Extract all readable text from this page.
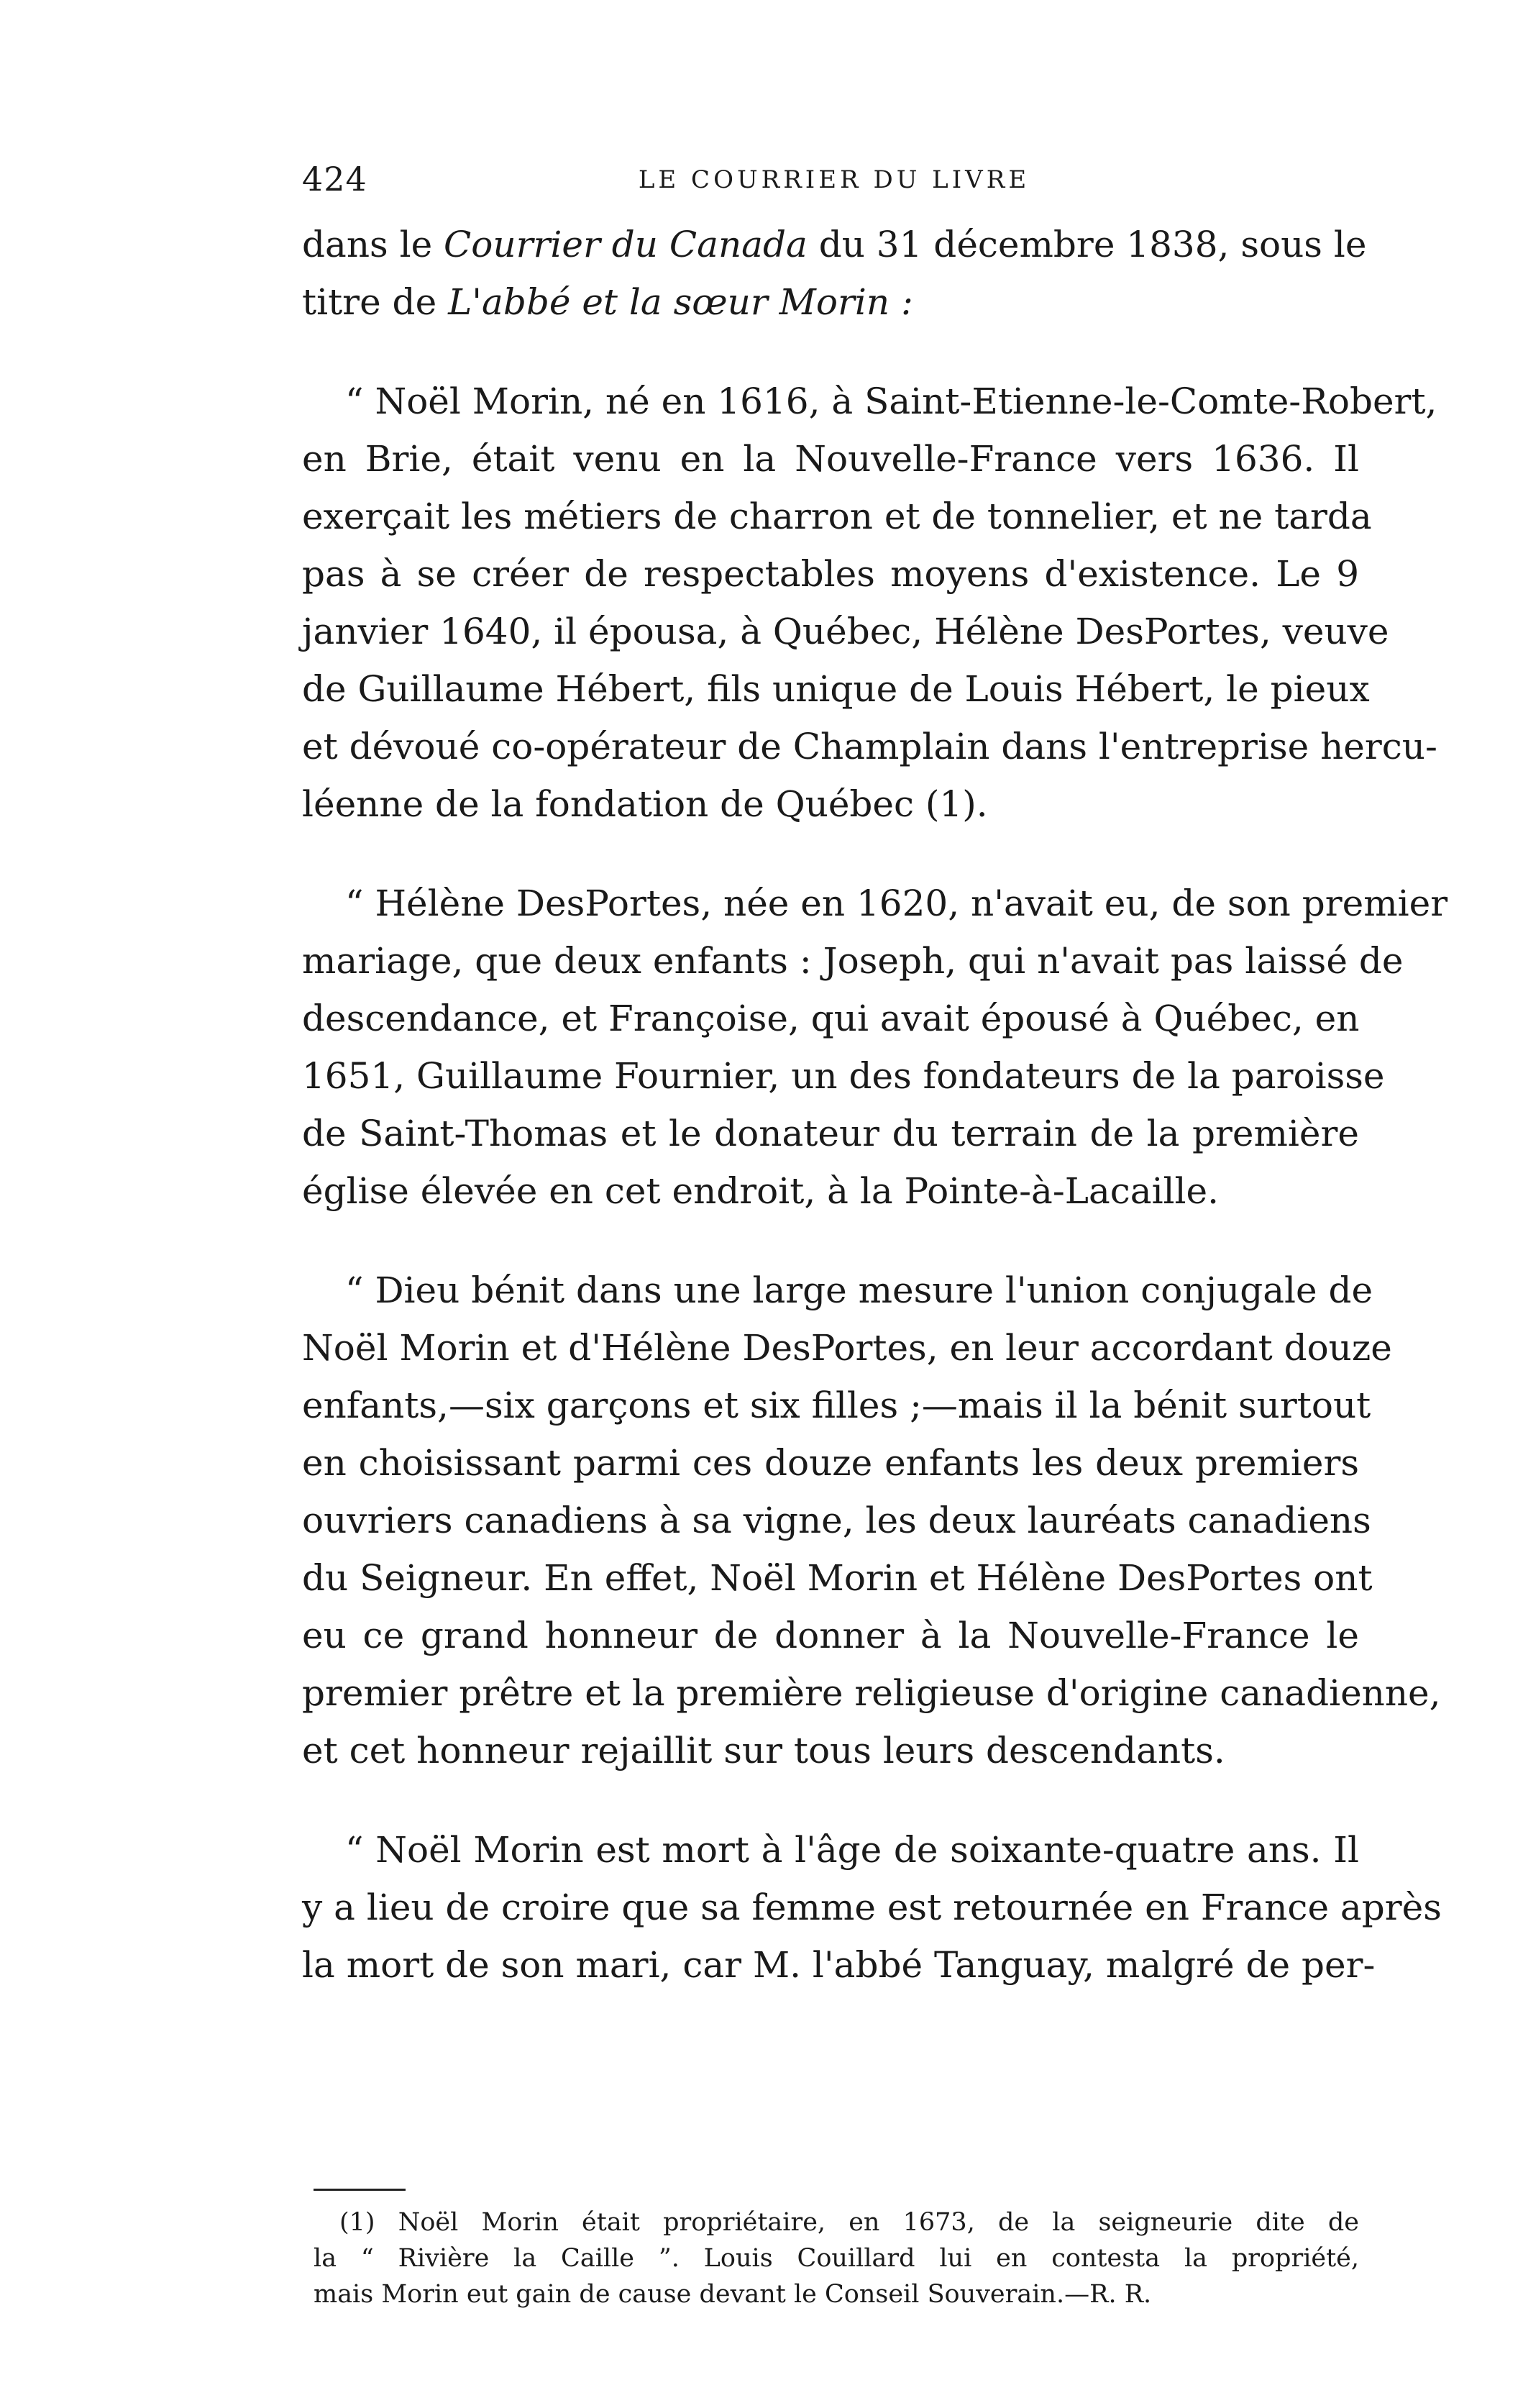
424	LE COURRIER DU LIVRE
dans le Courrier du Canada du 31 décembre 1838, sous le
titre de L'abbé et la sœur Morin :
“ Noël Morin, né en 1616, à Saint-Etienne-le-Comte-Robert,
en Brie, était venu en la Nouvelle-France vers 1636. Il
exerçait les métiers de charron et de tonnelier, et ne tarda
pas à se créer de respectables moyens d'existence. Le 9
janvier 1640, il épousa, à Québec, Hélène DesPortes, veuve
de Guillaume Hébert, fils unique de Louis Hébert, le pieux
et dévoué co-opérateur de Champlain dans l'entreprise hercu-
léenne de la fondation de Québec (1).
“ Hélène DesPortes, née en 1620, n'avait eu, de son premier
mariage, que deux enfants : Joseph, qui n'avait pas laissé de
descendance, et Françoise, qui avait épousé à Québec, en
1651, Guillaume Fournier, un des fondateurs de la paroisse
de Saint-Thomas et le donateur du terrain de la première
église élevée en cet endroit, à la Pointe-à-Lacaille.
“ Dieu bénit dans une large mesure l'union conjugale de
Noël Morin et d'Hélène DesPortes, en leur accordant douze
enfants,—six garçons et six filles ;—mais il la bénit surtout
en choisissant parmi ces douze enfants les deux premiers
ouvriers canadiens à sa vigne, les deux lauréats canadiens
du Seigneur. En effet, Noël Morin et Hélène DesPortes ont
eu ce grand honneur de donner à la Nouvelle-France le
premier prêtre et la première religieuse d'origine canadienne,
et cet honneur rejaillit sur tous leurs descendants.
“ Noël Morin est mort à l'âge de soixante-quatre ans. Il
y a lieu de croire que sa femme est retournée en France après
la mort de son mari, car M. l'abbé Tanguay, malgré de per-
(1) Noël Morin était propriétaire, en 1673, de la seigneurie dite de
la “ Rivière la Caille ”. Louis Couillard lui en contesta la propriété,
mais Morin eut gain de cause devant le Conseil Souverain.—R. R.
